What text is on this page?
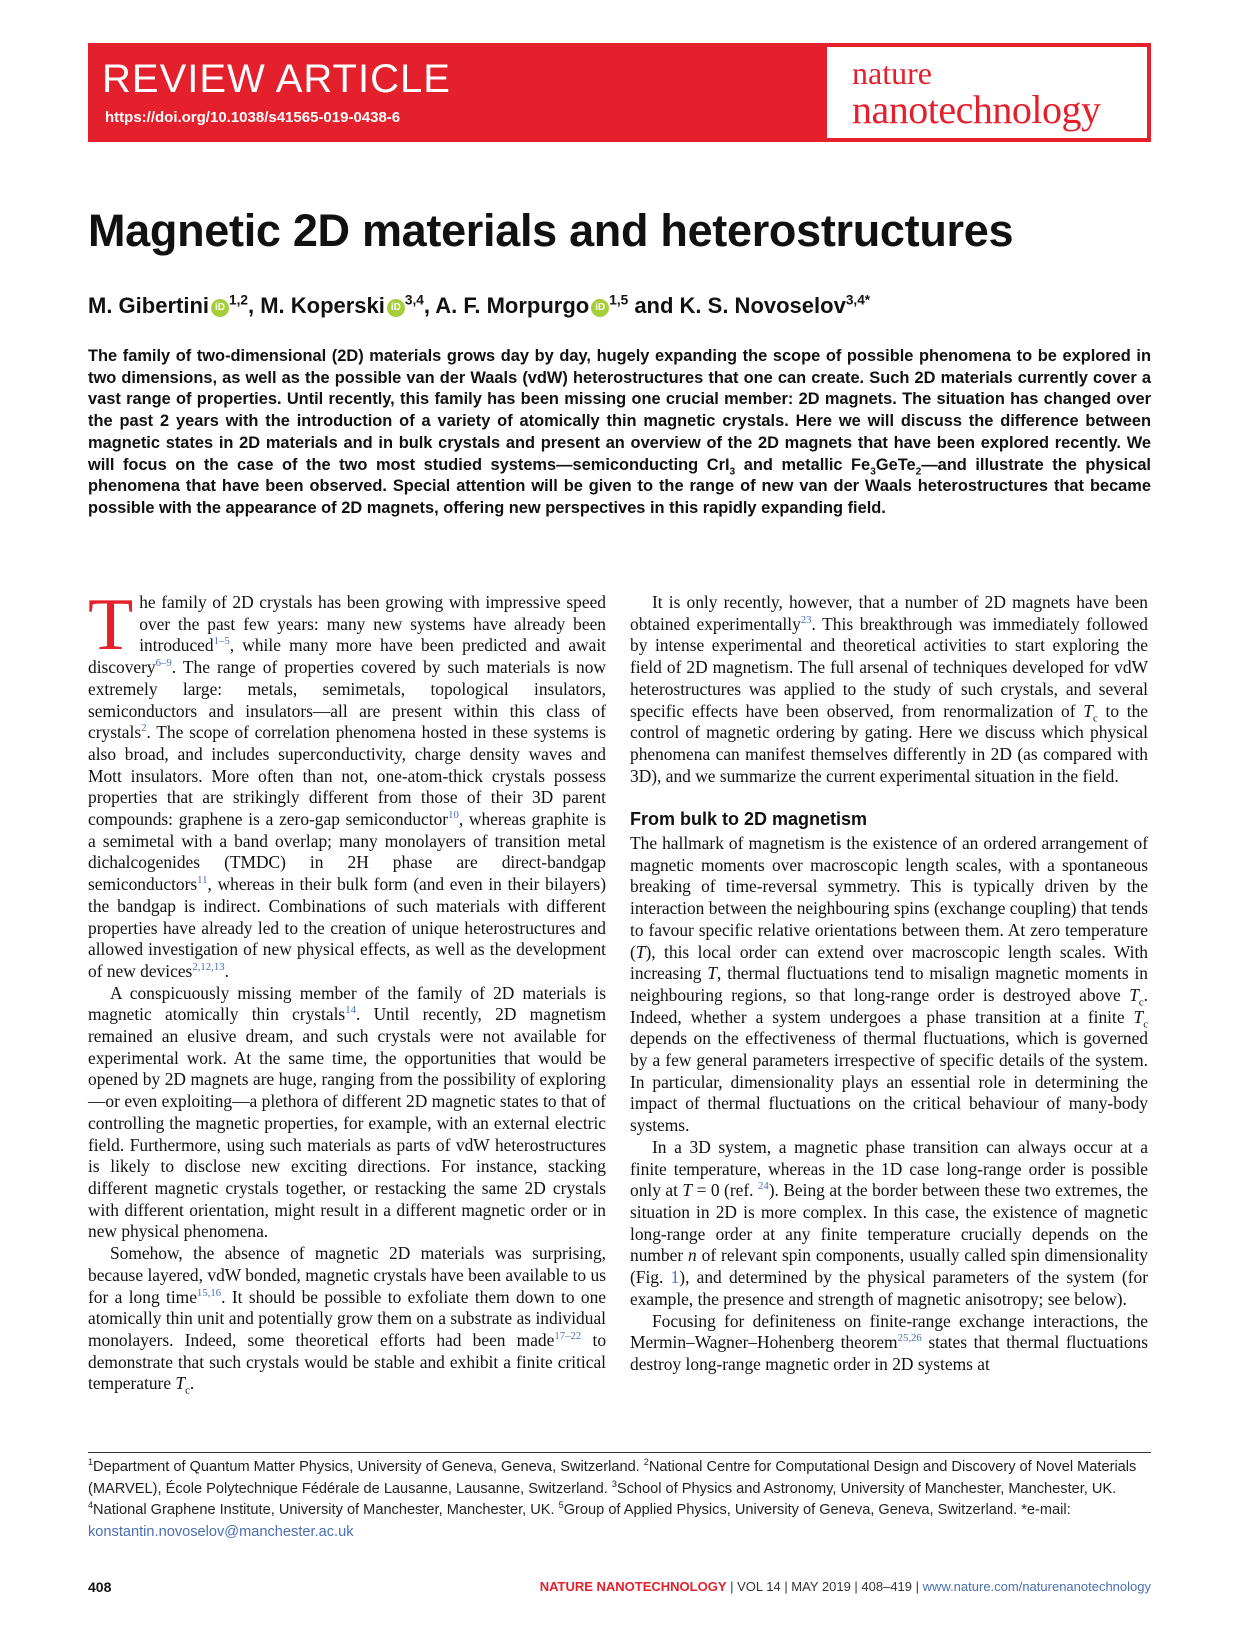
REVIEW ARTICLE
https://doi.org/10.1038/s41565-019-0438-6
nature
nanotechnology
Magnetic 2D materials and heterostructures
M. Gibertini iD $^{1,2}$, M. Koperski iD $^{3,4}$, A. F. Morpurgo iD $^{1,5}$ and K. S. Novoselov$^{3,4*}$

The family of two-dimensional (2D) materials grows day by day, hugely expanding the scope of possible phenomena to be explored in two dimensions, as well as the possible van der Waals (vdW) heterostructures that one can create. Such 2D materials currently cover a vast range of properties. Until recently, this family has been missing one crucial member: 2D magnets. The situation has changed over the past 2 years with the introduction of a variety of atomically thin magnetic crystals. Here we will discuss the difference between magnetic states in 2D materials and in bulk crystals and present an overview of the 2D magnets that have been explored recently. We will focus on the case of the two most studied systems—semiconducting CrI$_3$ and metallic $Fe_3GeTe_2—and$ illustrate the physical phenomena that have been observed. Special attention will be given to the range of new van der Waals heterostructures that became possible with the appearance of 2D magnets, offering new perspectives in this rapidly expanding field.

The family of 2D crystals has been growing with impressive speed over the past few years: many new systems have already been introduced$^{1-5}$, while many more have been predicted and await discovery$^{6-9}$. The range of properties covered by such materials is now extremely large: metals, semimetals, topological insulators, semiconductors and insulators—all are present within this class of crystals$^2$. The scope of correlation phenomena hosted in these systems is also broad, and includes superconductivity, charge density waves and Mott insulators. More often than not, one-atom-thick crystals possess properties that are strikingly different from those of their 3D parent compounds: graphene is a zero-gap semiconductor$^{10}$, whereas graphite is a semimetal with a band overlap; many monolayers of transition metal dichalcogenides (TMDC) in 2H phase are direct-bandgap semiconductors$^{11}$, whereas in their bulk form (and even in their bilayers) the bandgap is indirect. Combinations of such materials with different properties have already led to the creation of unique heterostructures and allowed investigation of new physical effects, as well as the development of new devices$^{2,12,13}$.

A conspicuously missing member of the family of 2D materials is magnetic atomically thin crystals$^{14}$. Until recently, 2D magnetism remained an elusive dream, and such crystals were not available for experimental work. At the same time, the opportunities that would be opened by 2D magnets are huge, ranging from the possibility of exploring—or even exploiting—a plethora of different 2D magnetic states to that of controlling the magnetic properties, for example, with an external electric field. Furthermore, using such materials as parts of vdW heterostructures is likely to disclose new exciting directions. For instance, stacking different magnetic crystals together, or restacking the same 2D crystals with different orientation, might result in a different magnetic order or in new physical phenomena.

Somehow, the absence of magnetic 2D materials was surprising, because layered, vdW bonded, magnetic crystals have been available to us for a long time$^{15,16}$. It should be possible to exfoliate them down to one atomically thin unit and potentially grow them on a substrate as individual monolayers. Indeed, some theoretical efforts had been made$^{17-22}$ to demonstrate that such crystals would be stable and exhibit a finite critical temperature $T_c$.

It is only recently, however, that a number of 2D magnets have been obtained experimentally$^{23}$. This breakthrough was immediately followed by intense experimental and theoretical activities to start exploring the field of 2D magnetism. The full arsenal of techniques developed for vdW heterostructures was applied to the study of such crystals, and several specific effects have been observed, from renormalization of $T_c$ to the control of magnetic ordering by gating. Here we discuss which physical phenomena can manifest themselves differently in 2D (as compared with 3D), and we summarize the current experimental situation in the field.

From bulk to 2D magnetism

The hallmark of magnetism is the existence of an ordered arrangement of magnetic moments over macroscopic length scales, with a spontaneous breaking of time-reversal symmetry. This is typically driven by the interaction between the neighbouring spins (exchange coupling) that tends to favour specific relative orientations between them. At zero temperature (T), this local order can extend over macroscopic length scales. With increasing T, thermal fluctuations tend to misalign magnetic moments in neighbouring regions, so that long-range order is destroyed above $T_c$. Indeed, whether a system undergoes a phase transition at a finite $T_c$ depends on the effectiveness of thermal fluctuations, which is governed by a few general parameters irrespective of specific details of the system. In particular, dimensionality plays an essential role in determining the impact of thermal fluctuations on the critical behaviour of many-body systems.

In a 3D system, a magnetic phase transition can always occur at a finite temperature, whereas in the 1D case long-range order is possible only at T = 0 (ref. $^{24}$). Being at the border between these two extremes, the situation in 2D is more complex. In this case, the existence of magnetic long-range order at any finite temperature crucially depends on the number n of relevant spin components, usually called spin dimensionality (Fig. 1), and determined by the physical parameters of the system (for example, the presence and strength of magnetic anisotropy; see below).

Focusing for definiteness on finite-range exchange interactions, the Mermin–Wagner–Hohenberg theorem$^{25,26}$ states that thermal fluctuations destroy long-range magnetic order in 2D systems at

$^1$Department of Quantum Matter Physics, University of Geneva, Geneva, Switzerland. $^2$National Centre for Computational Design and Discovery of Novel Materials (MARVEL), École Polytechnique Fédérale de Lausanne, Lausanne, Switzerland. $^3$School of Physics and Astronomy, University of Manchester, Manchester, UK. $^4$National Graphene Institute, University of Manchester, Manchester, UK. $^5$Group of Applied Physics, University of Geneva, Geneva, Switzerland. *e-mail: konstantin.novoselov@manchester.ac.uk

408	NATURE NANOTECHNOLOGY | VOL 14 | MAY 2019 | 408–419 | www.nature.com/naturenanotechnology
